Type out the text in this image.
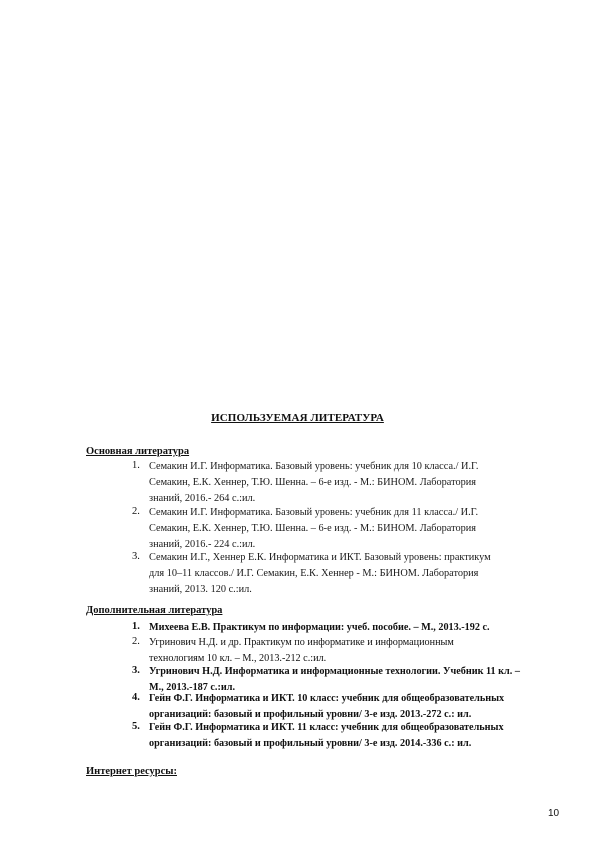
ИСПОЛЬЗУЕМАЯ ЛИТЕРАТУРА
Основная литература
1. Семакин И.Г. Информатика. Базовый уровень: учебник для 10 класса./ И.Г.
Семакин, Е.К. Хеннер, Т.Ю. Шенна. – 6-е изд. - М.: БИНОМ. Лаборатория
знаний, 2016.- 264 с.:ил.
2. Семакин И.Г. Информатика. Базовый уровень: учебник для 11 класса./ И.Г.
Семакин, Е.К. Хеннер, Т.Ю. Шенна. – 6-е изд. - М.: БИНОМ. Лаборатория
знаний, 2016.- 224 с.:ил.
3. Семакин И.Г., Хеннер Е.К. Информатика и ИКТ. Базовый уровень: практикум
для 10–11 классов./ И.Г. Семакин, Е.К. Хеннер - М.: БИНОМ. Лаборатория
знаний, 2013. 120 с.:ил.
Дополнительная литература
1. Михеева Е.В. Практикум по информации: учеб. пособие. – М., 2013.-192 с.
2. Угринович Н.Д. и др. Практикум по информатике и информационным
технологиям 10 кл. – М., 2013.-212 с.:ил.
3. Угринович Н.Д. Информатика и информационные технологии. Учебник 11 кл. –
М., 2013.-187 с.:ил.
4. Гейн Ф.Г. Информатика и ИКТ. 10 класс: учебник для общеобразовательных
организаций: базовый и профильный уровни/ 3-е изд. 2013.-272 с.: ил.
5. Гейн Ф.Г. Информатика и ИКТ. 11 класс: учебник для общеобразовательных
организаций: базовый и профильный уровни/ 3-е изд. 2014.-336 с.: ил.
Интернет ресурсы:
10
